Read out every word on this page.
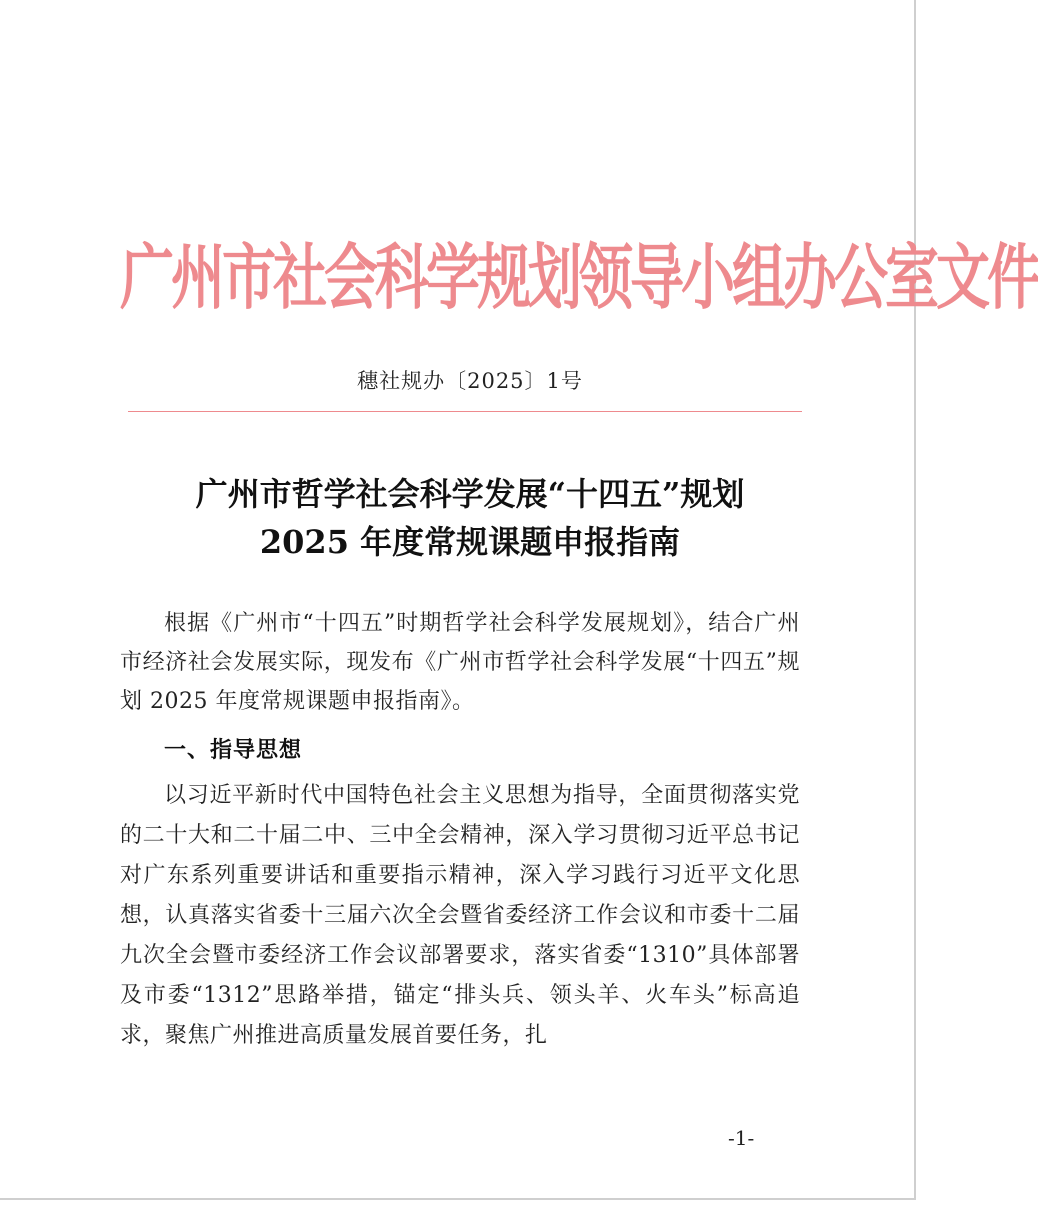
广州市社会科学规划领导小组办公室文件
穗社规办〔2025〕1号
广州市哲学社会科学发展“十四五”规划
2025 年度常规课题申报指南

根据《广州市“十四五”时期哲学社会科学发展规划》，结合广州市经济社会发展实际，现发布《广州市哲学社会科学发展“十四五”规划 2025 年度常规课题申报指南》。

一、指导思想

以习近平新时代中国特色社会主义思想为指导，全面贯彻落实党的二十大和二十届二中、三中全会精神，深入学习贯彻习近平总书记对广东系列重要讲话和重要指示精神，深入学习践行习近平文化思想，认真落实省委十三届六次全会暨省委经济工作会议和市委十二届九次全会暨市委经济工作会议部署要求，落实省委“1310”具体部署及市委“1312”思路举措，锚定“排头兵、领头羊、火车头”标高追求，聚焦广州推进高质量发展首要任务，扎

-1-
